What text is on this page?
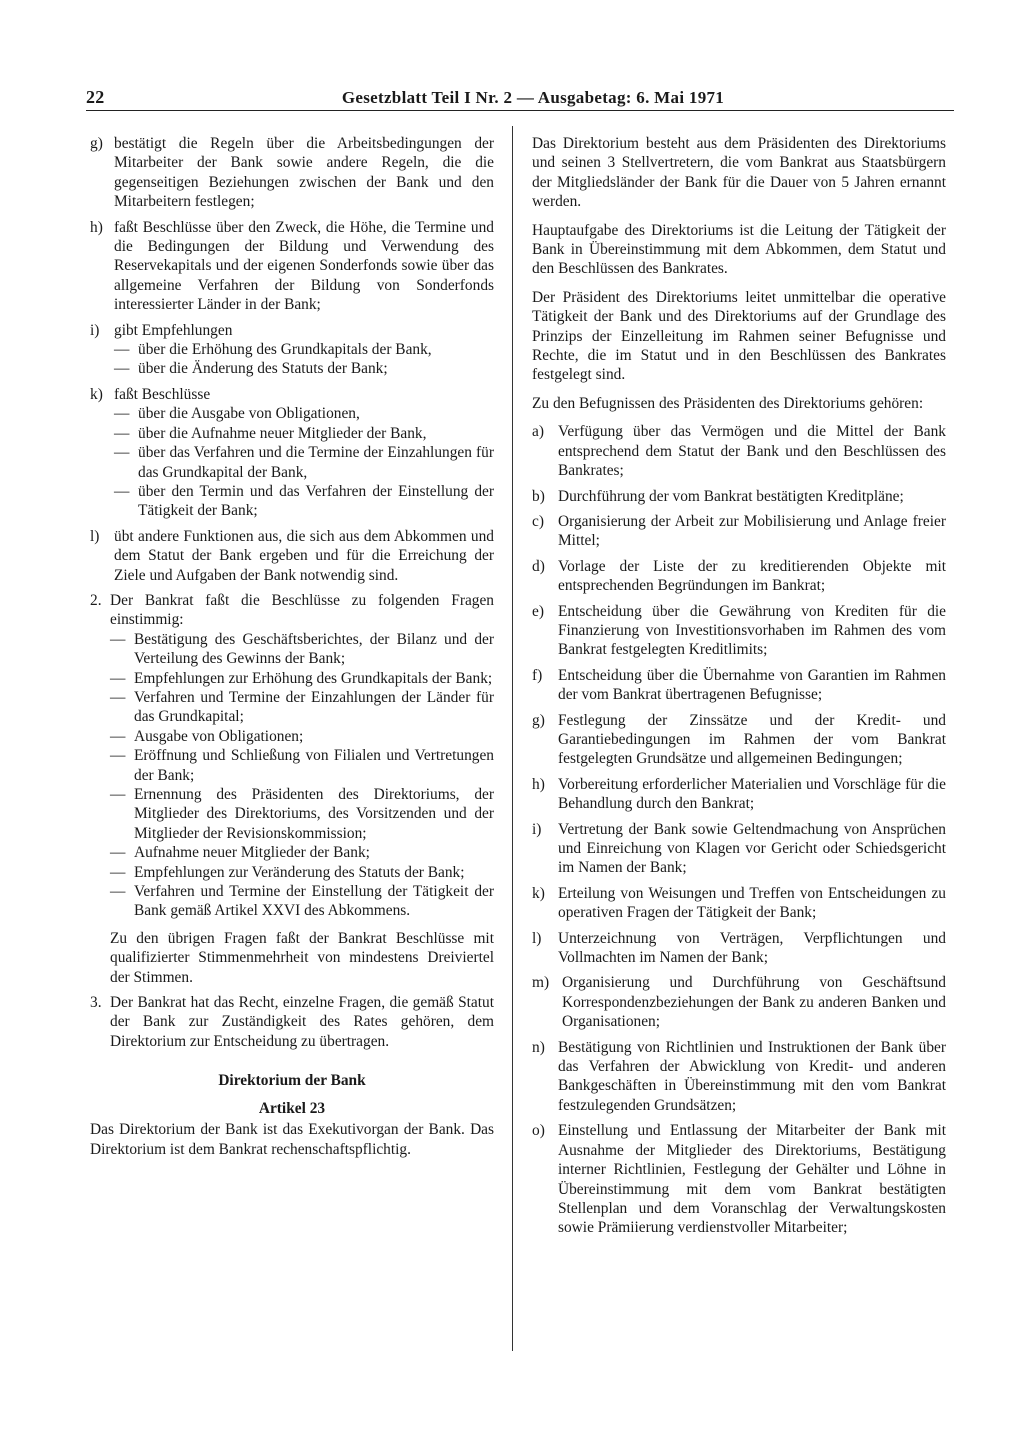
22	Gesetzblatt Teil I Nr. 2 — Ausgabetag: 6. Mai 1971
g) bestätigt die Regeln über die Arbeitsbedingungen der Mitarbeiter der Bank sowie andere Regeln, die die gegenseitigen Beziehungen zwischen der Bank und den Mitarbeitern festlegen;
h) faßt Beschlüsse über den Zweck, die Höhe, die Termine und die Bedingungen der Bildung und Verwendung des Reservekapitals und der eigenen Sonderfonds sowie über das allgemeine Verfahren der Bildung von Sonderfonds interessierter Länder in der Bank;
i) gibt Empfehlungen
— über die Erhöhung des Grundkapitals der Bank,
— über die Änderung des Statuts der Bank;
k) faßt Beschlüsse
— über die Ausgabe von Obligationen,
— über die Aufnahme neuer Mitglieder der Bank,
— über das Verfahren und die Termine der Einzahlungen für das Grundkapital der Bank,
— über den Termin und das Verfahren der Einstellung der Tätigkeit der Bank;
l) übt andere Funktionen aus, die sich aus dem Abkommen und dem Statut der Bank ergeben und für die Erreichung der Ziele und Aufgaben der Bank notwendig sind.
2. Der Bankrat faßt die Beschlüsse zu folgenden Fragen einstimmig:
— Bestätigung des Geschäftsberichtes, der Bilanz und der Verteilung des Gewinns der Bank;
— Empfehlungen zur Erhöhung des Grundkapitals der Bank;
— Verfahren und Termine der Einzahlungen der Länder für das Grundkapital;
— Ausgabe von Obligationen;
— Eröffnung und Schließung von Filialen und Vertretungen der Bank;
— Ernennung des Präsidenten des Direktoriums, der Mitglieder des Direktoriums, des Vorsitzenden und der Mitglieder der Revisionskommission;
— Aufnahme neuer Mitglieder der Bank;
— Empfehlungen zur Veränderung des Statuts der Bank;
— Verfahren und Termine der Einstellung der Tätigkeit der Bank gemäß Artikel XXVI des Abkommens.
Zu den übrigen Fragen faßt der Bankrat Beschlüsse mit qualifizierter Stimmenmehrheit von mindestens Dreiviertel der Stimmen.
3. Der Bankrat hat das Recht, einzelne Fragen, die gemäß Statut der Bank zur Zuständigkeit des Rates gehören, dem Direktorium zur Entscheidung zu übertragen.

Direktorium der Bank

Artikel 23

Das Direktorium der Bank ist das Exekutivorgan der Bank. Das Direktorium ist dem Bankrat rechenschaftspflichtig.

Das Direktorium besteht aus dem Präsidenten des Direktoriums und seinen 3 Stellvertretern, die vom Bankrat aus Staatsbürgern der Mitgliedsländer der Bank für die Dauer von 5 Jahren ernannt werden.

Hauptaufgabe des Direktoriums ist die Leitung der Tätigkeit der Bank in Übereinstimmung mit dem Abkommen, dem Statut und den Beschlüssen des Bankrates.

Der Präsident des Direktoriums leitet unmittelbar die operative Tätigkeit der Bank und des Direktoriums auf der Grundlage des Prinzips der Einzelleitung im Rahmen seiner Befugnisse und Rechte, die im Statut und in den Beschlüssen des Bankrates festgelegt sind.

Zu den Befugnissen des Präsidenten des Direktoriums gehören:

a) Verfügung über das Vermögen und die Mittel der Bank entsprechend dem Statut der Bank und den Beschlüssen des Bankrates;
b) Durchführung der vom Bankrat bestätigten Kreditpläne;
c) Organisierung der Arbeit zur Mobilisierung und Anlage freier Mittel;
d) Vorlage der Liste der zu kreditierenden Objekte mit entsprechenden Begründungen im Bankrat;
e) Entscheidung über die Gewährung von Krediten für die Finanzierung von Investitionsvorhaben im Rahmen des vom Bankrat festgelegten Kreditlimits;
f)	Entscheidung über die Übernahme von Garantien im Rahmen der vom Bankrat übertragenen Befugnisse;
g) Festlegung der Zinssätze und der Kredit- und Garantiebedingungen im Rahmen der vom Bankrat festgelegten Grundsätze und allgemeinen Bedingungen;
h) Vorbereitung erforderlicher Materialien und Vorschläge für die Behandlung durch den Bankrat;
i)	Vertretung der Bank sowie Geltendmachung von Ansprüchen und Einreichung von Klagen vor Gericht oder Schiedsgericht im Namen der Bank;
k) Erteilung von Weisungen und Treffen von Entscheidungen zu operativen Fragen der Tätigkeit der Bank;
l)	Unterzeichnung von Verträgen, Verpflichtungen und Vollmachten im Namen der Bank;
m) Organisierung und Durchführung von Geschäftsund Korrespondenzbeziehungen der Bank zu anderen Banken und Organisationen;
n) Bestätigung von Richtlinien und Instruktionen der Bank über das Verfahren der Abwicklung von Kredit- und anderen Bankgeschäften in Übereinstimmung mit den vom Bankrat festzulegenden Grundsätzen;
o) Einstellung und Entlassung der Mitarbeiter der Bank mit Ausnahme der Mitglieder des Direktoriums, Bestätigung interner Richtlinien, Festlegung der Gehälter und Löhne in Übereinstimmung mit dem vom Bankrat bestätigten Stellenplan und dem Voranschlag der Verwaltungskosten sowie Prämiierung verdienstvoller Mitarbeiter;
